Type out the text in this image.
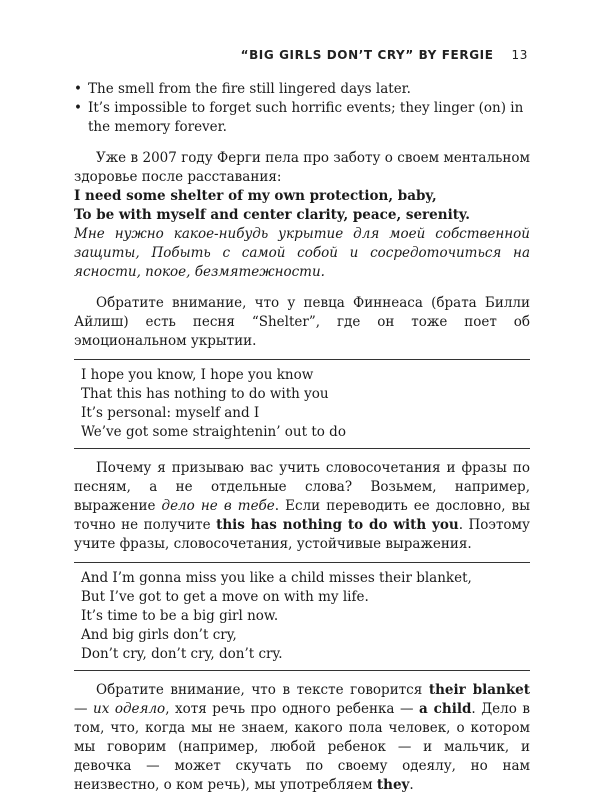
“BIG GIRLS DON’T CRY” BY FERGIE 13

• The smell from the fire still lingered days later.

• It’s impossible to forget such horrific events; they linger (on) in the memory forever.

Уже в 2007 году Ферги пела про заботу о своем ментальном здоровье после расставания:

I need some shelter of my own protection, baby,

To be with myself and center clarity, peace, serenity.

Мне нужно какое-нибудь укрытие для моей собственной защиты, Побыть с самой собой и сосредоточиться на ясности, покое, безмятежности.

Обратите внимание, что у певца Финнеаса (брата Билли Айлиш) есть песня “Shelter”, где он тоже поет об эмоциональном укрытии.

I hope you know, I hope you know
That this has nothing to do with you
It’s personal: myself and I
We’ve got some straightenin’ out to do

Почему я призываю вас учить словосочетания и фразы по песням, а не отдельные слова? Возьмем, например, выражение дело не в тебе. Если переводить ее дословно, вы точно не получите this has nothing to do with you. Поэтому учите фразы, словосочетания, устойчивые выражения.

And I’m gonna miss you like a child misses their blanket,
But I’ve got to get a move on with my life.
It’s time to be a big girl now.
And big girls don’t cry,
Don’t cry, don’t cry, don’t cry.

Обратите внимание, что в тексте говорится their blanket — их одеяло, хотя речь про одного ребенка — a child. Дело в том, что, когда мы не знаем, какого пола человек, о котором мы говорим (например, любой ребенок — и мальчик, и девочка — может скучать по своему одеялу, но нам неизвестно, о ком речь), мы употребляем they.
